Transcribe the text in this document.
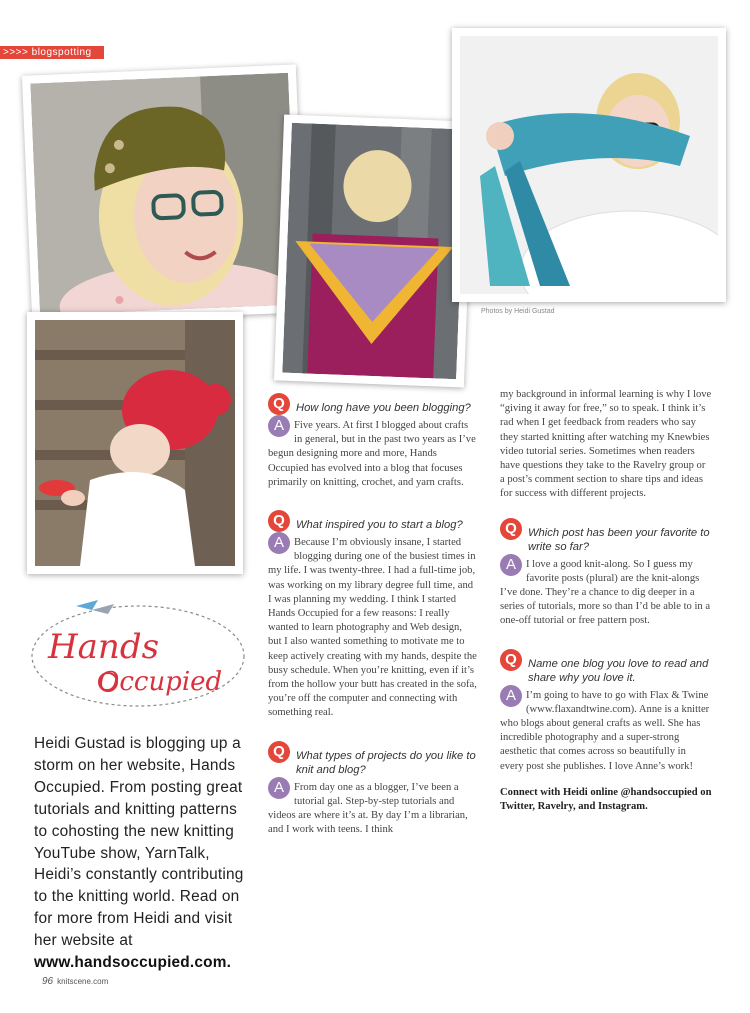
>>>> blogspotting
Photos by Heidi Gustad
Hands
Occupied
Heidi Gustad is blogging up a storm on her website, Hands Occupied. From posting great tutorials and knitting patterns to cohosting the new knitting YouTube show, YarnTalk, Heidi’s constantly contributing to the knitting world. Read on for more from Heidi and visit her website at www.handsoccupied.com.
Q How long have you been blogging?
A Five years. At first I blogged about crafts in general, but in the past two years as I’ve begun designing more and more, Hands Occupied has evolved into a blog that focuses primarily on knitting, crochet, and yarn crafts.
Q What inspired you to start a blog?
A Because I’m obviously insane, I started blogging during one of the busiest times in my life. I was twenty-three. I had a full-time job, was working on my library degree full time, and I was planning my wedding. I think I started Hands Occupied for a few reasons: I really wanted to learn photography and Web design, but I also wanted something to motivate me to keep actively creating with my hands, despite the busy schedule. When you’re knitting, even if it’s from the hollow your butt has created in the sofa, you’re off the computer and connecting with something real.
Q What types of projects do you like to knit and blog?
A From day one as a blogger, I’ve been a tutorial gal. Step-by-step tutorials and videos are where it’s at. By day I’m a librarian, and I work with teens. I think
my background in informal learning is why I love “giving it away for free,” so to speak. I think it’s rad when I get feedback from readers who say they started knitting after watching my Knewbies video tutorial series. Sometimes when readers have questions they take to the Ravelry group or a post’s comment section to share tips and ideas for success with different projects.
Q Which post has been your favorite to write so far?
A I love a good knit-along. So I guess my favorite posts (plural) are the knit-alongs I’ve done. They’re a chance to dig deeper in a series of tutorials, more so than I’d be able to in a one-off tutorial or free pattern post.
Q Name one blog you love to read and share why you love it.
A I’m going to have to go with Flax & Twine (www.flaxandtwine.com). Anne is a knitter who blogs about general crafts as well. She has incredible photography and a super-strong aesthetic that comes across so beautifully in every post she publishes. I love Anne’s work!
Connect with Heidi online @handsoccupied on Twitter, Ravelry, and Instagram.
96 knitscene.com
